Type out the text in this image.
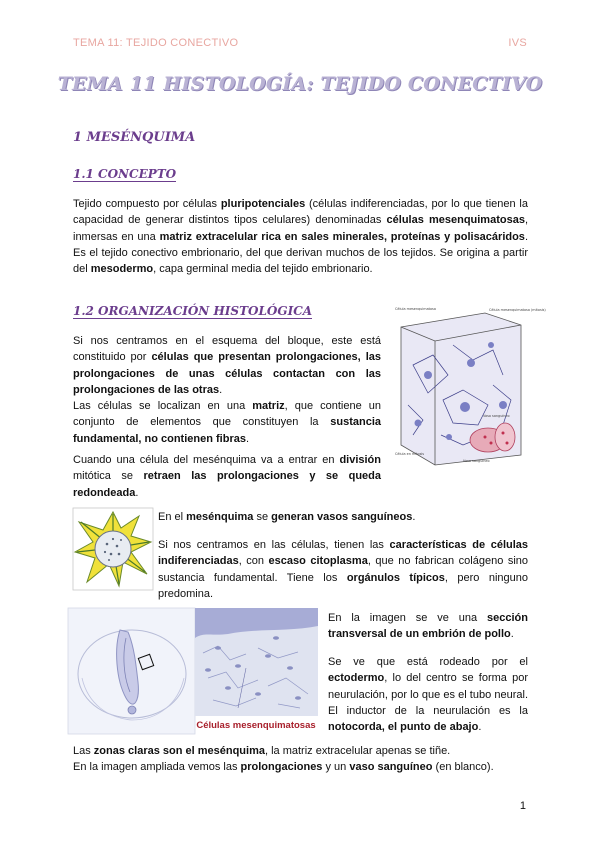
TEMA 11: TEJIDO CONECTIVO	IVS
TEMA 11 HISTOLOGÍA: TEJIDO CONECTIVO
1 MESÉNQUIMA
1.1 CONCEPTO
Tejido compuesto por células pluripotenciales (células indiferenciadas, por lo que tienen la capacidad de generar distintos tipos celulares) denominadas células mesenquimatosas, inmersas en una matriz extracelular rica en sales minerales, proteínas y polisacáridos. Es el tejido conectivo embrionario, del que derivan muchos de los tejidos. Se origina a partir del mesodermo, capa germinal media del tejido embrionario.
1.2 ORGANIZACIÓN HISTOLÓGICA
Si nos centramos en el esquema del bloque, este está constituido por células que presentan prolongaciones, las prolongaciones de unas células contactan con las prolongaciones de las otras.
Las células se localizan en una matriz, que contiene un conjunto de elementos que constituyen la sustancia fundamental, no contienen fibras.
Cuando una célula del mesénquima va a entrar en división mitótica se retraen las prolongaciones y se queda redondeada.
Célula mesenquimatosa	Célula mesenquimatosa (mitosis)
Vaso sanguíneo
Célula en mitosis
Vaso sanguíneo
En el mesénquima se generan vasos sanguíneos.
Si nos centramos en las células, tienen las características de células indiferenciadas, con escaso citoplasma, que no fabrican colágeno sino sustancia fundamental. Tiene los orgánulos típicos, pero ninguno predomina.
Células mesenquimatosas
En la imagen se ve una sección transversal de un embrión de pollo.
Se ve que está rodeado por el ectodermo, lo del centro se forma por neurulación, por lo que es el tubo neural. El inductor de la neurulación es la notocorda, el punto de abajo.
Las zonas claras son el mesénquima, la matriz extracelular apenas se tiñe.
En la imagen ampliada vemos las prolongaciones y un vaso sanguíneo (en blanco).
1
